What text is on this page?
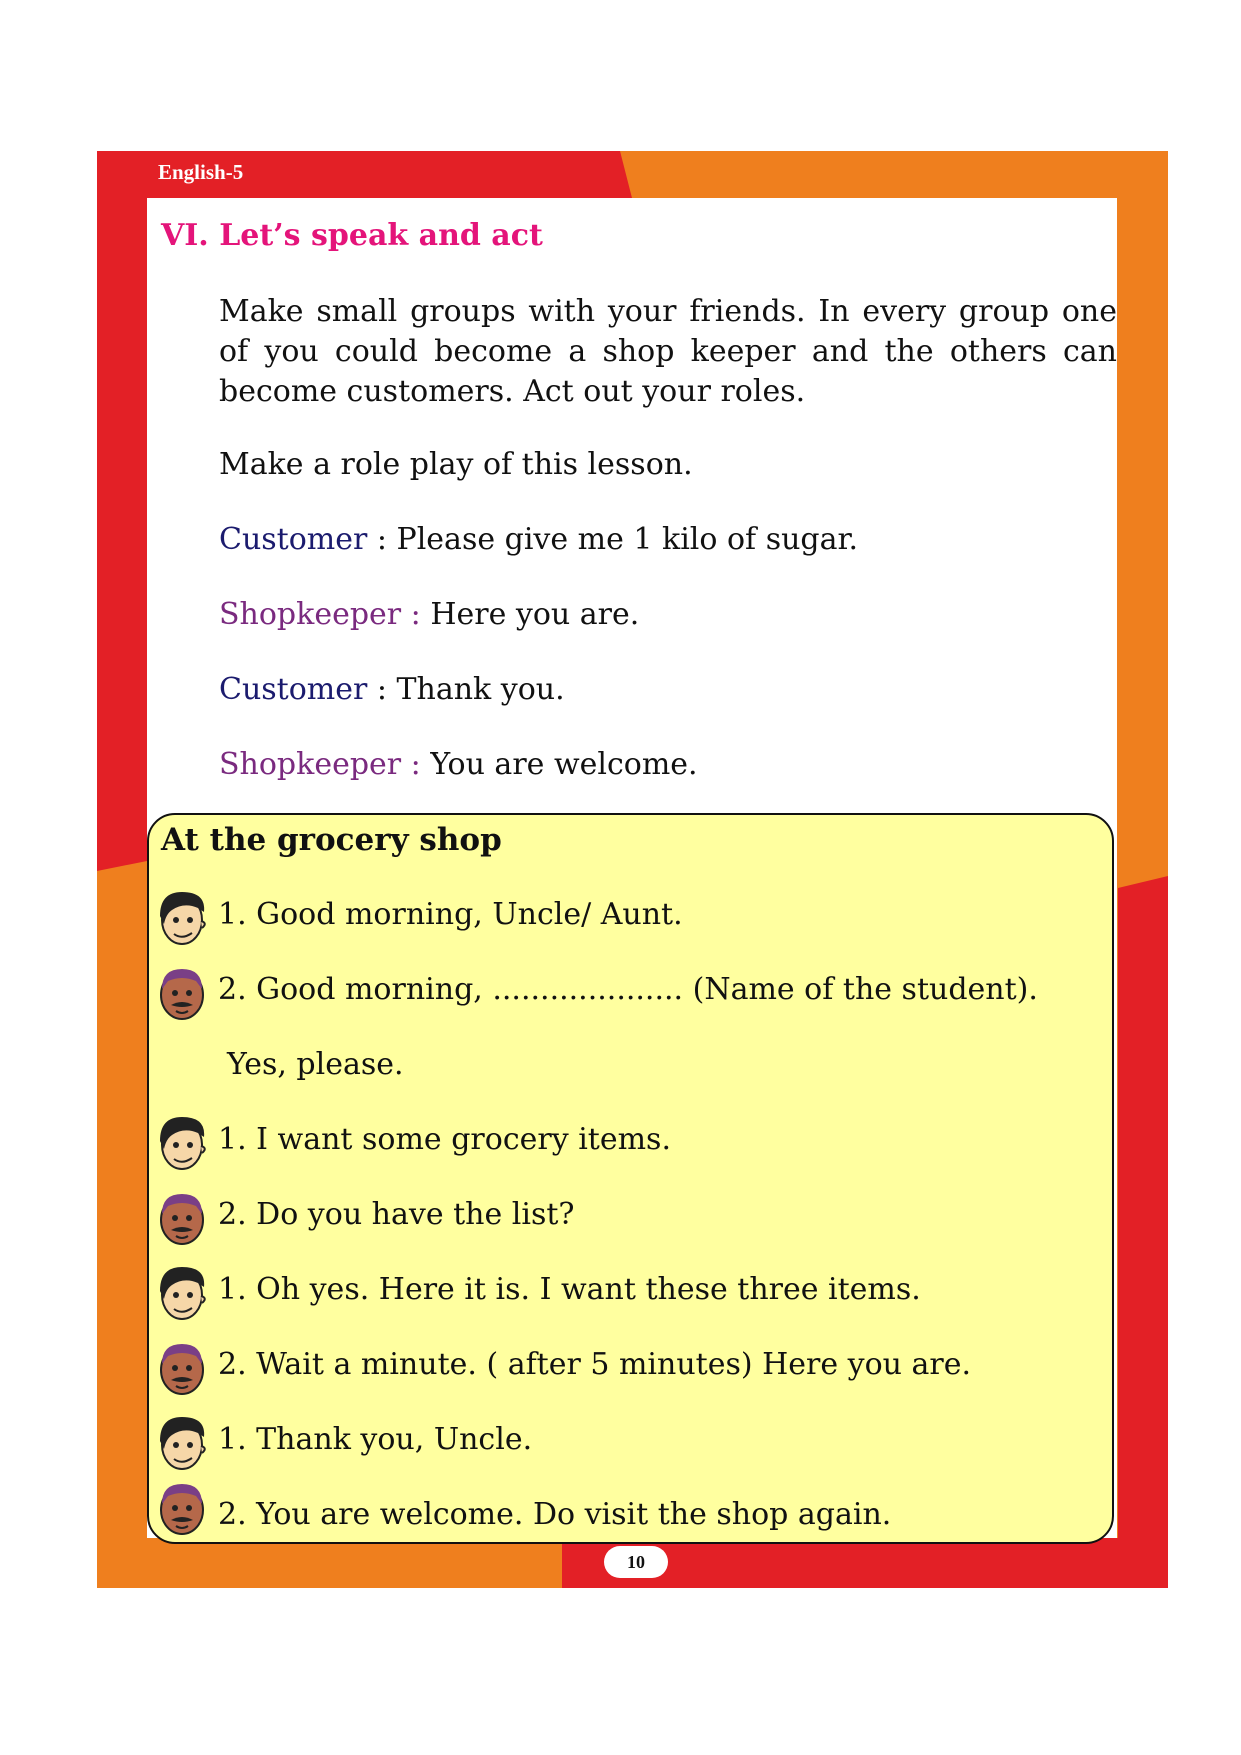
English-5
VI. Let’s speak and act

Make small groups with your friends. In every group one of you could become a shop keeper and the others can become customers. Act out your roles.

Make a role play of this lesson.
Customer : Please give me 1 kilo of sugar.
Shopkeeper : Here you are.
Customer : Thank you.
Shopkeeper : You are welcome.
At the grocery shop
1. Good morning, Uncle/ Aunt.
2. Good morning, .................... (Name of the student).
Yes, please.
1. I want some grocery items.
2. Do you have the list?
1. Oh yes. Here it is. I want these three items.
2. Wait a minute. ( after 5 minutes) Here you are.
1. Thank you, Uncle.
2. You are welcome. Do visit the shop again.
10
